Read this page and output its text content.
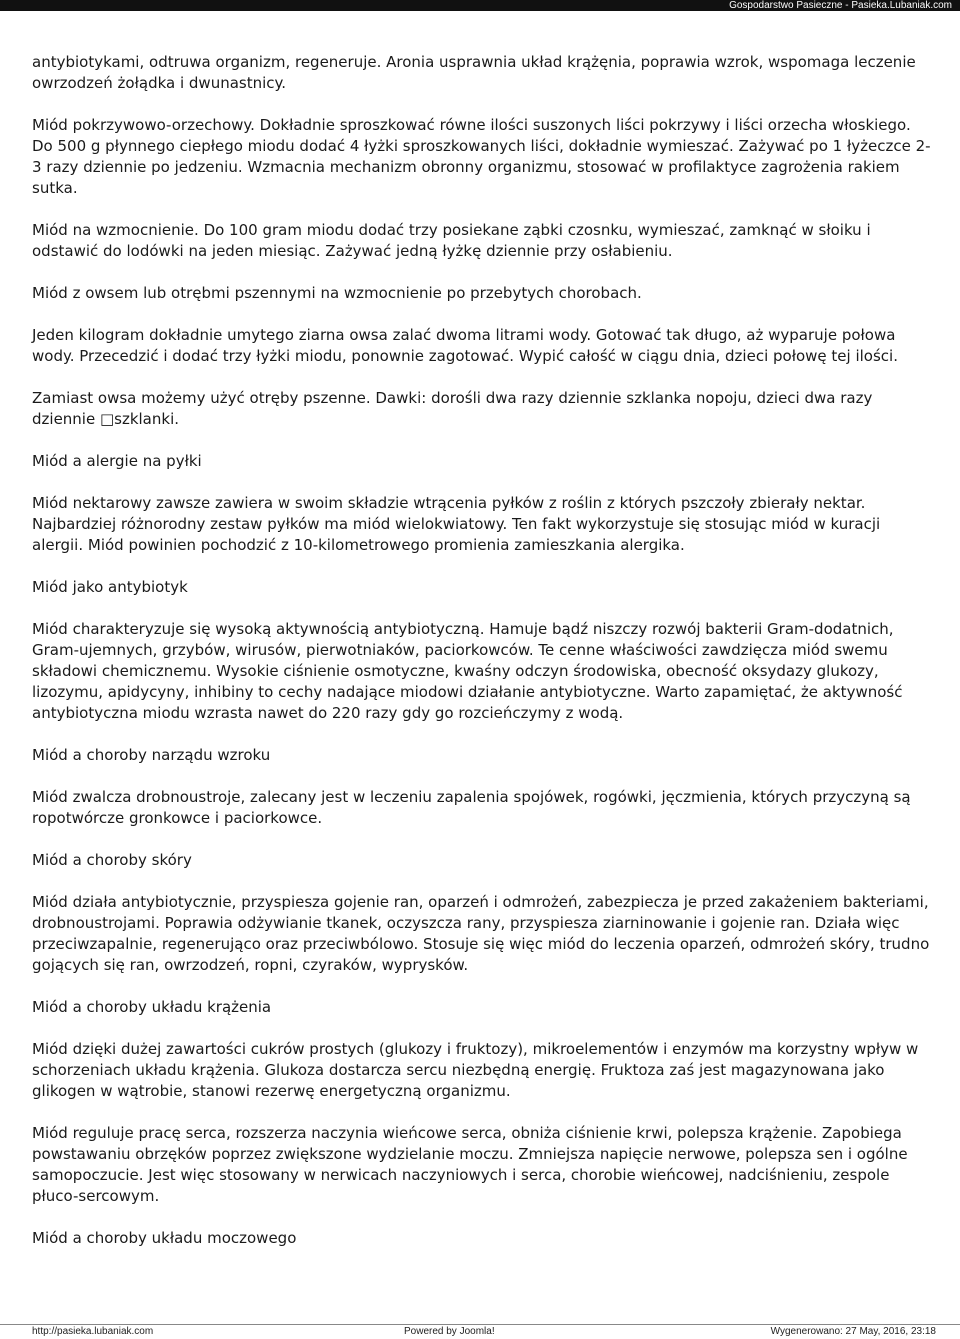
Gospodarstwo Pasieczne - Pasieka.Lubaniak.com

antybiotykami, odtruwa organizm, regeneruje. Aronia usprawnia układ krążęnia, poprawia wzrok, wspomaga leczenie owrzodzeń żołądka i dwunastnicy.

Miód pokrzywowo-orzechowy. Dokładnie sproszkować równe ilości suszonych liści pokrzywy i liści orzecha włoskiego. Do 500 g płynnego ciepłego miodu dodać 4 łyżki sproszkowanych liści, dokładnie wymieszać. Zażywać po 1 łyżeczce 2-3 razy dziennie po jedzeniu. Wzmacnia mechanizm obronny organizmu, stosować w profilaktyce zagrożenia rakiem sutka.

Miód na wzmocnienie. Do 100 gram miodu dodać trzy posiekane ząbki czosnku, wymieszać, zamknąć w słoiku i odstawić do lodówki na jeden miesiąc. Zażywać jedną łyżkę dziennie przy osłabieniu.

Miód z owsem lub otrębmi pszennymi na wzmocnienie po przebytych chorobach.

Jeden kilogram dokładnie umytego ziarna owsa zalać dwoma litrami wody. Gotować tak długo, aż wyparuje połowa wody. Przecedzić i dodać trzy łyżki miodu, ponownie zagotować. Wypić całość w ciągu dnia, dzieci połowę tej ilości.

Zamiast owsa możemy użyć otręby pszenne. Dawki: dorośli dwa razy dziennie szklanka nopoju, dzieci dwa razy dziennie □szklanki.

Miód a alergie na pyłki

Miód nektarowy zawsze zawiera w swoim składzie wtrącenia pyłków z roślin z których pszczoły zbierały nektar. Najbardziej różnorodny zestaw pyłków ma miód wielokwiatowy. Ten fakt wykorzystuje się stosując miód w kuracji alergii. Miód powinien pochodzić z 10-kilometrowego promienia zamieszkania alergika.

Miód jako antybiotyk

Miód charakteryzuje się wysoką aktywnością antybiotyczną. Hamuje bądź niszczy rozwój bakterii Gram-dodatnich, Gram-ujemnych, grzybów, wirusów, pierwotniaków, paciorkowców. Te cenne właściwości zawdzięcza miód swemu składowi chemicznemu. Wysokie ciśnienie osmotyczne, kwaśny odczyn środowiska, obecność oksydazy glukozy, lizozymu, apidycyny, inhibiny to cechy nadające miodowi działanie antybiotyczne. Warto zapamiętać, że aktywność antybiotyczna miodu wzrasta nawet do 220 razy gdy go rozcieńczymy z wodą.

Miód a choroby narządu wzroku

Miód zwalcza drobnoustroje, zalecany jest w leczeniu zapalenia spojówek, rogówki, jęczmienia, których przyczyną są ropotwórcze gronkowce i paciorkowce.

Miód a choroby skóry

Miód działa antybiotycznie, przyspiesza gojenie ran, oparzeń i odmrożeń, zabezpiecza je przed zakażeniem bakteriami, drobnoustrojami. Poprawia odżywianie tkanek, oczyszcza rany, przyspiesza ziarninowanie i gojenie ran. Działa więc przeciwzapalnie, regenerująco oraz przeciwbólowo. Stosuje się więc miód do leczenia oparzeń, odmrożeń skóry, trudno gojących się ran, owrzodzeń, ropni, czyraków, wyprysków.

Miód a choroby układu krążenia

Miód dzięki dużej zawartości cukrów prostych (glukozy i fruktozy), mikroelementów i enzymów ma korzystny wpływ w schorzeniach układu krążenia. Glukoza dostarcza sercu niezbędną energię. Fruktoza zaś jest magazynowana jako glikogen w wątrobie, stanowi rezerwę energetyczną organizmu.

Miód reguluje pracę serca, rozszerza naczynia wieńcowe serca, obniża ciśnienie krwi, polepsza krążenie. Zapobiega powstawaniu obrzęków poprzez zwiększone wydzielanie moczu. Zmniejsza napięcie nerwowe, polepsza sen i ogólne samopoczucie. Jest więc stosowany w nerwicach naczyniowych i serca, chorobie wieńcowej, nadciśnieniu, zespole płuco-sercowym.

Miód a choroby układu moczowego

http://pasieka.lubaniak.com	Powered by Joomla!	Wygenerowano: 27 May, 2016, 23:18
